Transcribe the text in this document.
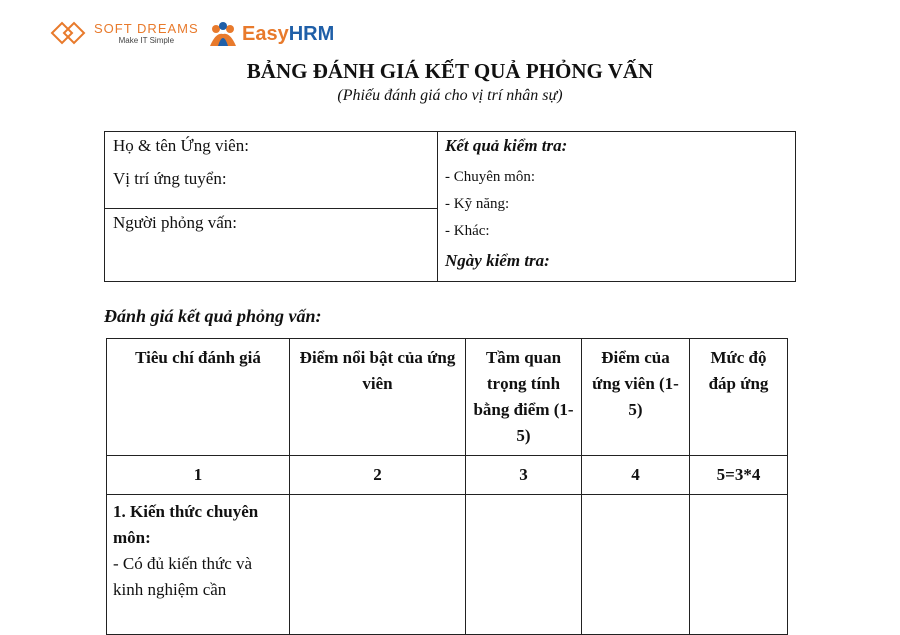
SOFT DREAMS
Make IT Simple	Easy HRM
BẢNG ĐÁNH GIÁ KẾT QUẢ PHỎNG VẤN
(Phiếu đánh giá cho vị trí nhân sự)
Họ & tên Ứng viên:
Vị trí ứng tuyển:
Người phỏng vấn:
Kết quả kiểm tra:
- Chuyên môn:
- Kỹ năng:
- Khác:
Ngày kiểm tra:
Đánh giá kết quả phỏng vấn:
Tiêu chí đánh giá	Điểm nổi bật của ứng viên	Tầm quan trọng tính bằng điểm (1-5)	Điểm của ứng viên (1-5)	Mức độ đáp ứng
1	2	3	4	5=3*4

1. Kiến thức chuyên môn:
- Có đủ kiến thức và kinh nghiệm cần				
